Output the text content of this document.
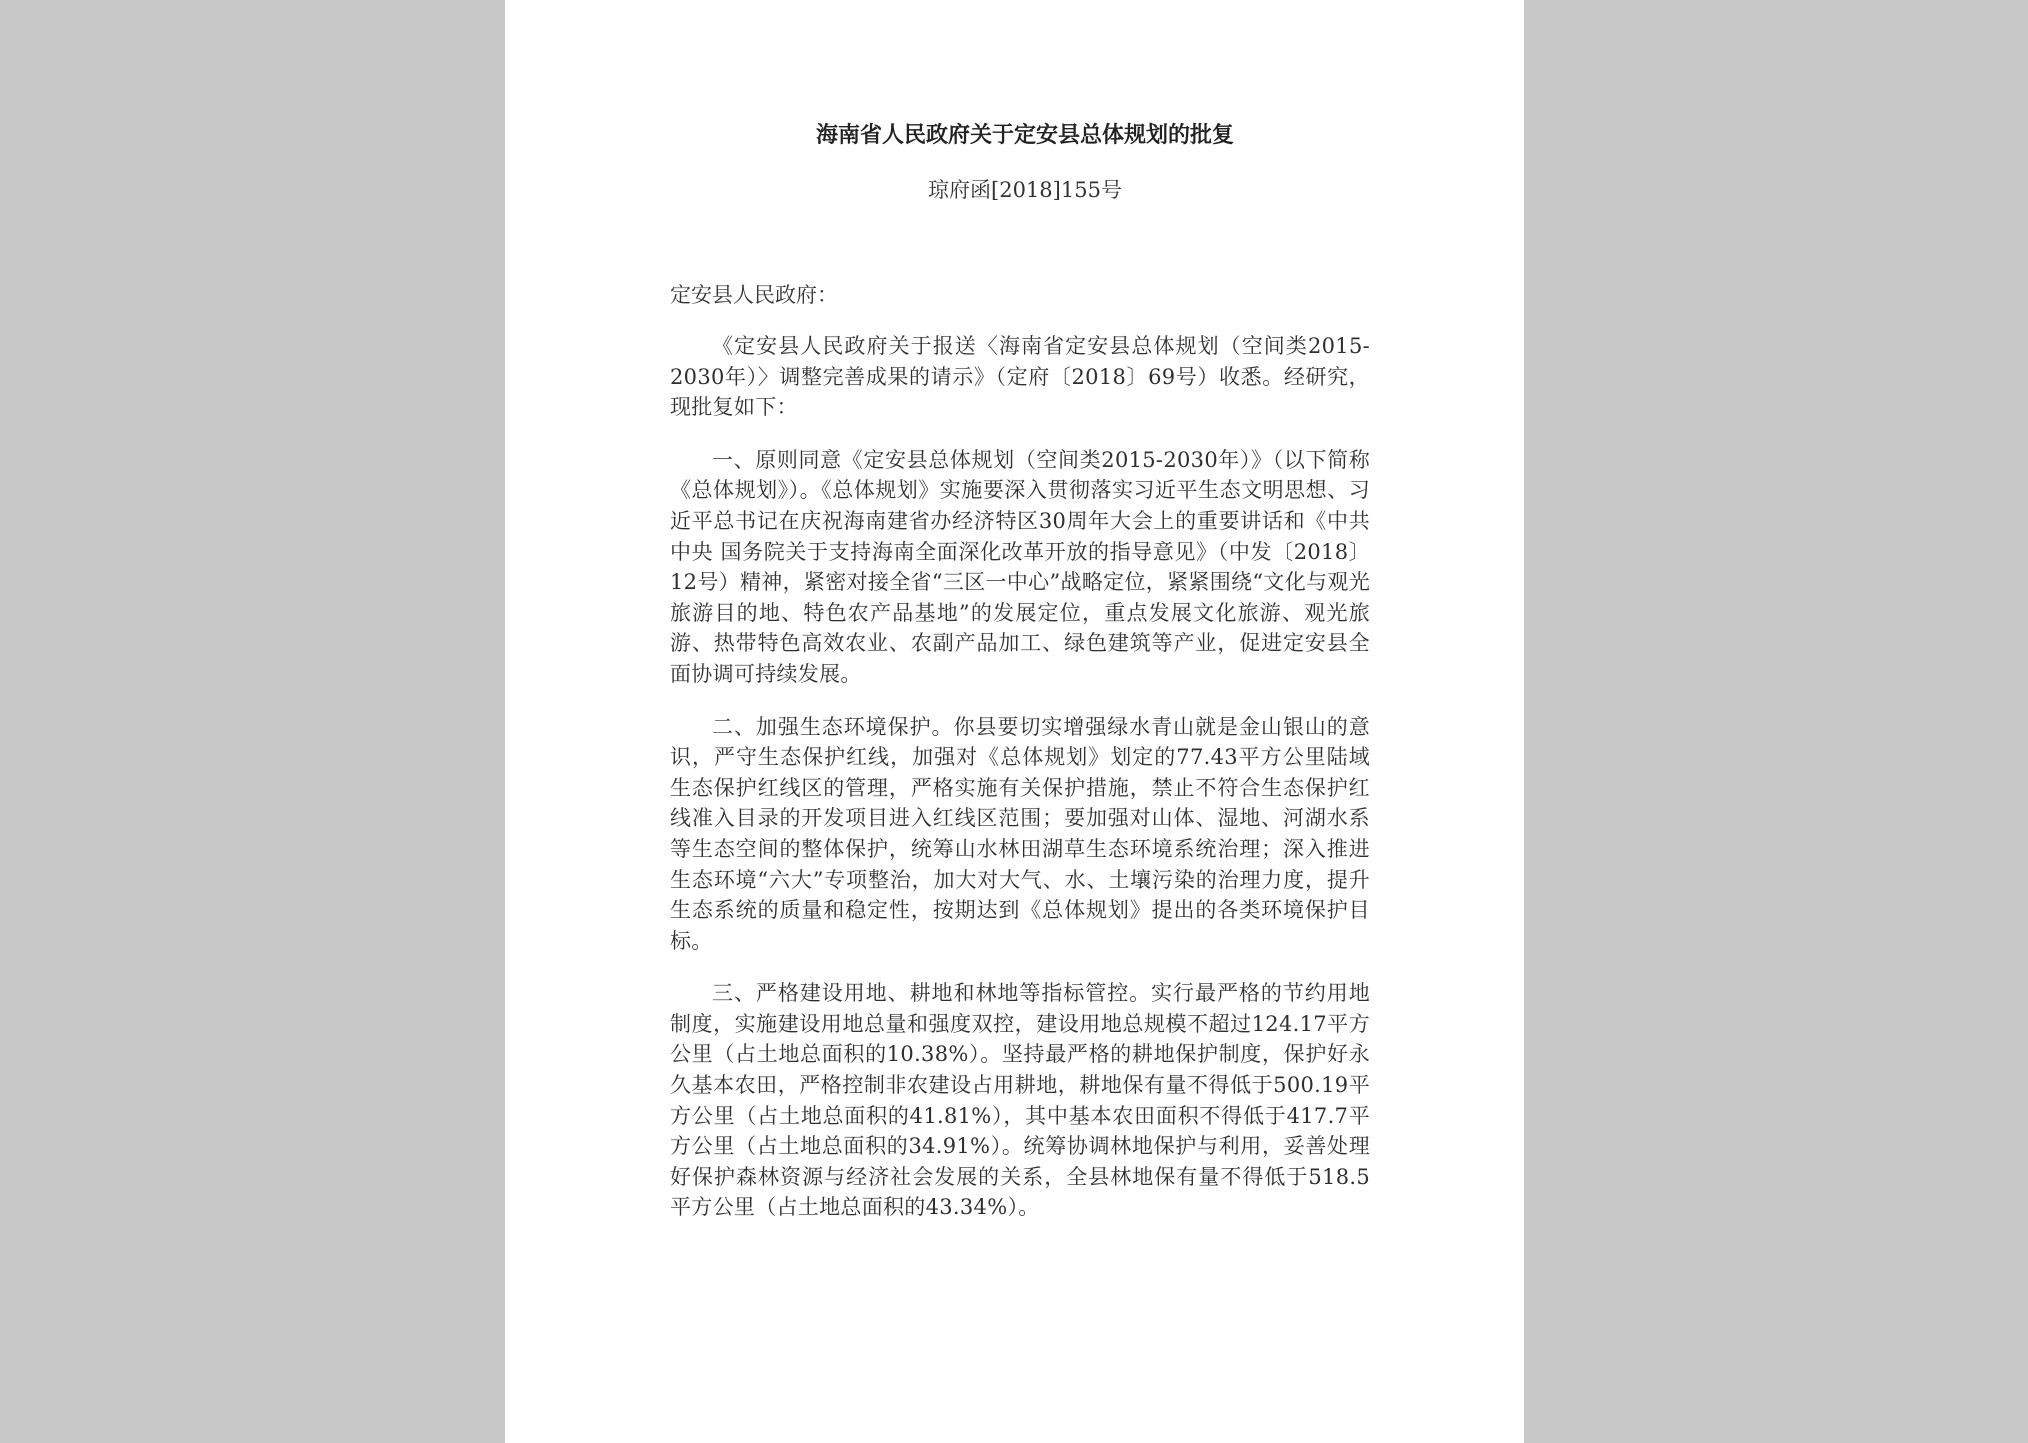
海南省人民政府关于定安县总体规划的批复
琼府函[2018]155号
定安县人民政府：

《定安县人民政府关于报送〈海南省定安县总体规划（空间类2015-2030年）〉调整完善成果的请示》（定府〔2018〕69号）收悉。经研究，现批复如下：

一、原则同意《定安县总体规划（空间类2015-2030年）》（以下简称《总体规划》）。《总体规划》实施要深入贯彻落实习近平生态文明思想、习近平总书记在庆祝海南建省办经济特区30周年大会上的重要讲话和《中共中央 国务院关于支持海南全面深化改革开放的指导意见》（中发〔2018〕12号）精神，紧密对接全省“三区一中心”战略定位，紧紧围绕“文化与观光旅游目的地、特色农产品基地”的发展定位，重点发展文化旅游、观光旅游、热带特色高效农业、农副产品加工、绿色建筑等产业，促进定安县全面协调可持续发展。

二、加强生态环境保护。你县要切实增强绿水青山就是金山银山的意识，严守生态保护红线，加强对《总体规划》划定的77.43平方公里陆域生态保护红线区的管理，严格实施有关保护措施，禁止不符合生态保护红线准入目录的开发项目进入红线区范围；要加强对山体、湿地、河湖水系等生态空间的整体保护，统筹山水林田湖草生态环境系统治理；深入推进生态环境“六大”专项整治，加大对大气、水、土壤污染的治理力度，提升生态系统的质量和稳定性，按期达到《总体规划》提出的各类环境保护目标。

三、严格建设用地、耕地和林地等指标管控。实行最严格的节约用地制度，实施建设用地总量和强度双控，建设用地总规模不超过124.17平方公里（占土地总面积的10.38%）。坚持最严格的耕地保护制度，保护好永久基本农田，严格控制非农建设占用耕地，耕地保有量不得低于500.19平方公里（占土地总面积的41.81%），其中基本农田面积不得低于417.7平方公里（占土地总面积的34.91%）。统筹协调林地保护与利用，妥善处理好保护森林资源与经济社会发展的关系，全县林地保有量不得低于518.5平方公里（占土地总面积的43.34%）。
